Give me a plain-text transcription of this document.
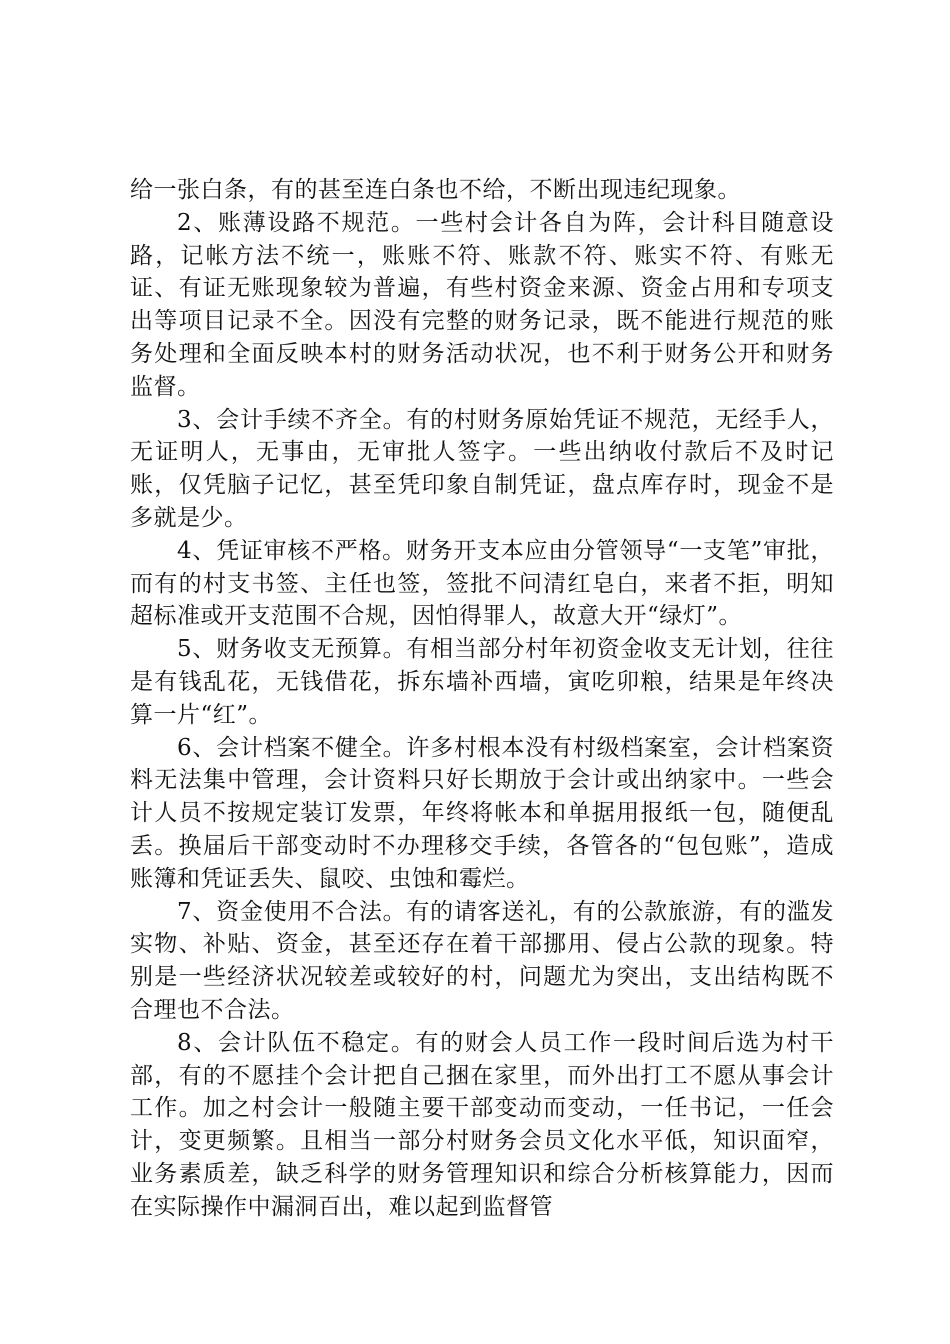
给一张白条，有的甚至连白条也不给，不断出现违纪现象。

2、账薄设路不规范。一些村会计各自为阵，会计科目随意设路，记帐方法不统一，账账不符、账款不符、账实不符、有账无证、有证无账现象较为普遍，有些村资金来源、资金占用和专项支出等项目记录不全。因没有完整的财务记录，既不能进行规范的账务处理和全面反映本村的财务活动状况，也不利于财务公开和财务监督。

3、会计手续不齐全。有的村财务原始凭证不规范，无经手人，无证明人，无事由，无审批人签字。一些出纳收付款后不及时记账，仅凭脑子记忆，甚至凭印象自制凭证，盘点库存时，现金不是多就是少。

4、凭证审核不严格。财务开支本应由分管领导“一支笔”审批，而有的村支书签、主任也签，签批不问清红皂白，来者不拒，明知超标准或开支范围不合规，因怕得罪人，故意大开“绿灯”。

5、财务收支无预算。有相当部分村年初资金收支无计划，往往是有钱乱花，无钱借花，拆东墙补西墙，寅吃卯粮，结果是年终决算一片“红”。

6、会计档案不健全。许多村根本没有村级档案室，会计档案资料无法集中管理，会计资料只好长期放于会计或出纳家中。一些会计人员不按规定装订发票，年终将帐本和单据用报纸一包，随便乱丢。换届后干部变动时不办理移交手续，各管各的“包包账”，造成账簿和凭证丢失、鼠咬、虫蚀和霉烂。

7、资金使用不合法。有的请客送礼，有的公款旅游，有的滥发实物、补贴、资金，甚至还存在着干部挪用、侵占公款的现象。特别是一些经济状况较差或较好的村，问题尤为突出，支出结构既不合理也不合法。

8、会计队伍不稳定。有的财会人员工作一段时间后选为村干部，有的不愿挂个会计把自己捆在家里，而外出打工不愿从事会计工作。加之村会计一般随主要干部变动而变动，一任书记，一任会计，变更频繁。且相当一部分村财务会员文化水平低，知识面窄，业务素质差，缺乏科学的财务管理知识和综合分析核算能力，因而在实际操作中漏洞百出，难以起到监督管
